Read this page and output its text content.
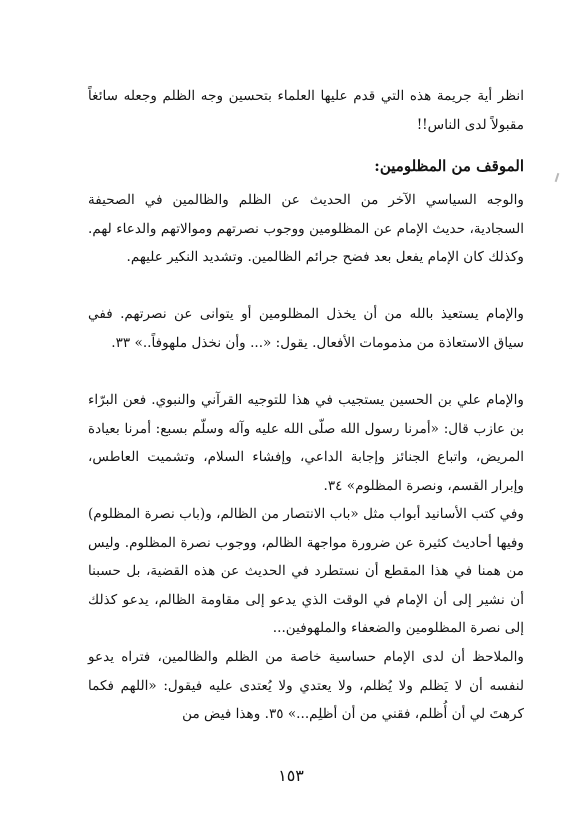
انظر أية جريمة هذه التي قدم عليها العلماء بتحسين وجه الظلم وجعله سائغاً مقبولاً لدى الناس!!
الموقف من المظلومين:
والوجه السياسي الآخر من الحديث عن الظلم والظالمين في الصحيفة السجادية، حديث الإمام عن المظلومين ووجوب نصرتهم وموالاتهم والدعاء لهم. وكذلك كان الإمام يفعل بعد فضح جرائم الظالمين. وتشديد النكير عليهم.
والإمام يستعيذ بالله من أن يخذل المظلومين أو يتوانى عن نصرتهم. ففي سياق الاستعاذة من مذمومات الأفعال. يقول: «... وأن نخذل ملهوفاً..» ٣٣.
والإمام علي بن الحسين يستجيب في هذا للتوجيه القرآني والنبوي. فعن البرّاء بن عازب قال: «أمرنا رسول الله صلّى الله عليه وآله وسلّم بسبع: أمرنا بعيادة المريض، واتباع الجنائز وإجابة الداعي، وإفشاء السلام، وتشميت العاطس، وإبرار القسم، ونصرة المظلوم» ٣٤.
وفي كتب الأسانيد أبواب مثل «باب الانتصار من الظالم، و(باب نصرة المظلوم) وفيها أحاديث كثيرة عن ضرورة مواجهة الظالم، ووجوب نصرة المظلوم. وليس من همنا في هذا المقطع أن نستطرد في الحديث عن هذه القضية، بل حسبنا أن نشير إلى أن الإمام في الوقت الذي يدعو إلى مقاومة الظالم، يدعو كذلك إلى نصرة المظلومين والضعفاء والملهوفين...
والملاحظ أن لدى الإمام حساسية خاصة من الظلم والظالمين، فتراه يدعو لنفسه أن لا يَظلم ولا يُظلم، ولا يعتدي ولا يُعتدى عليه فيقول: «اللهم فكما كرهتَ لي أن أُظلم، فقني من أن أظلِم...» ٣٥. وهذا فيض من
١٥٣
